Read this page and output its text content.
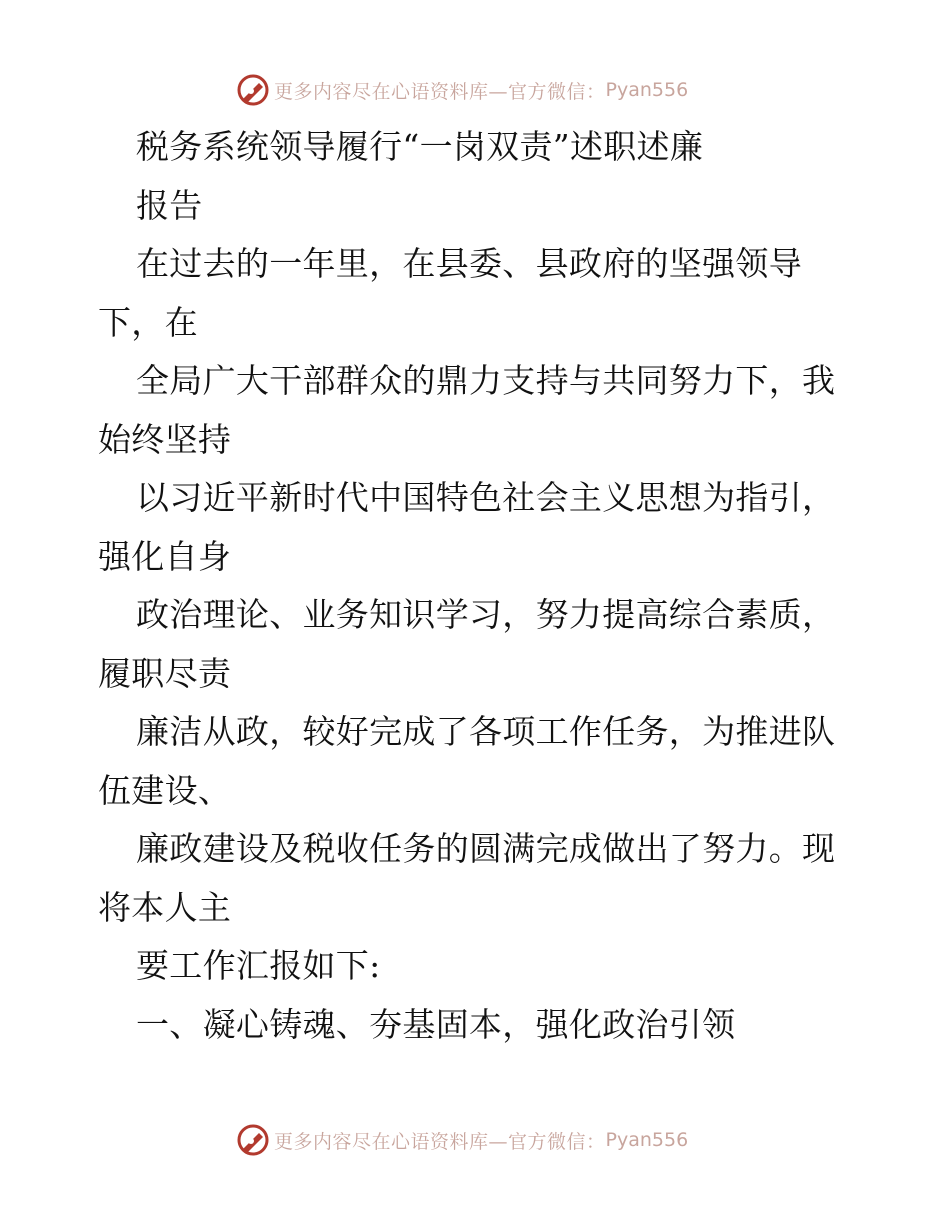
更多内容尽在心语资料库—官方微信： Pyan556
税务系统领导履行“一岗双责”述职述廉
报告
在过去的一年里，在县委、县政府的坚强领导
下，在
全局广大干部群众的鼎力支持与共同努力下，我
始终坚持
以习近平新时代中国特色社会主义思想为指引，
强化自身
政治理论、业务知识学习，努力提高综合素质，
履职尽责
廉洁从政，较好完成了各项工作任务，为推进队
伍建设、
廉政建设及税收任务的圆满完成做出了努力。现
将本人主
要工作汇报如下:
一、凝心铸魂、夯基固本，强化政治引领
更多内容尽在心语资料库—官方微信： Pyan556
